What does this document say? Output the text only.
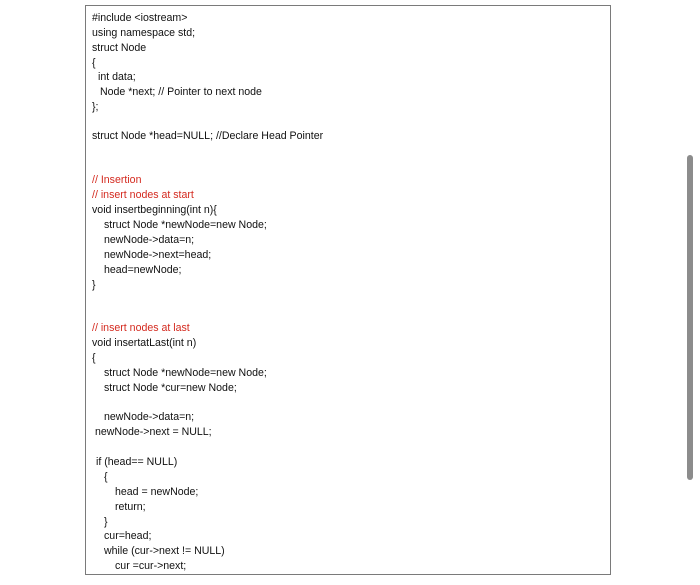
#include <iostream>
using namespace std;
struct Node
{
int data;
Node *next; // Pointer to next node
};
struct Node *head=NULL; //Declare Head Pointer
// Insertion
// insert nodes at start
void insertbeginning(int n){
struct Node *newNode=new Node;
newNode->data=n;
newNode->next=head;
head=newNode;
}
// insert nodes at last
void insertatLast(int n)
{
struct Node *newNode=new Node;
struct Node *cur=new Node;
newNode->data=n;
newNode->next = NULL;
if (head== NULL)
{
head = newNode;
return;
}
cur=head;
while (cur->next != NULL)
cur =cur->next;
